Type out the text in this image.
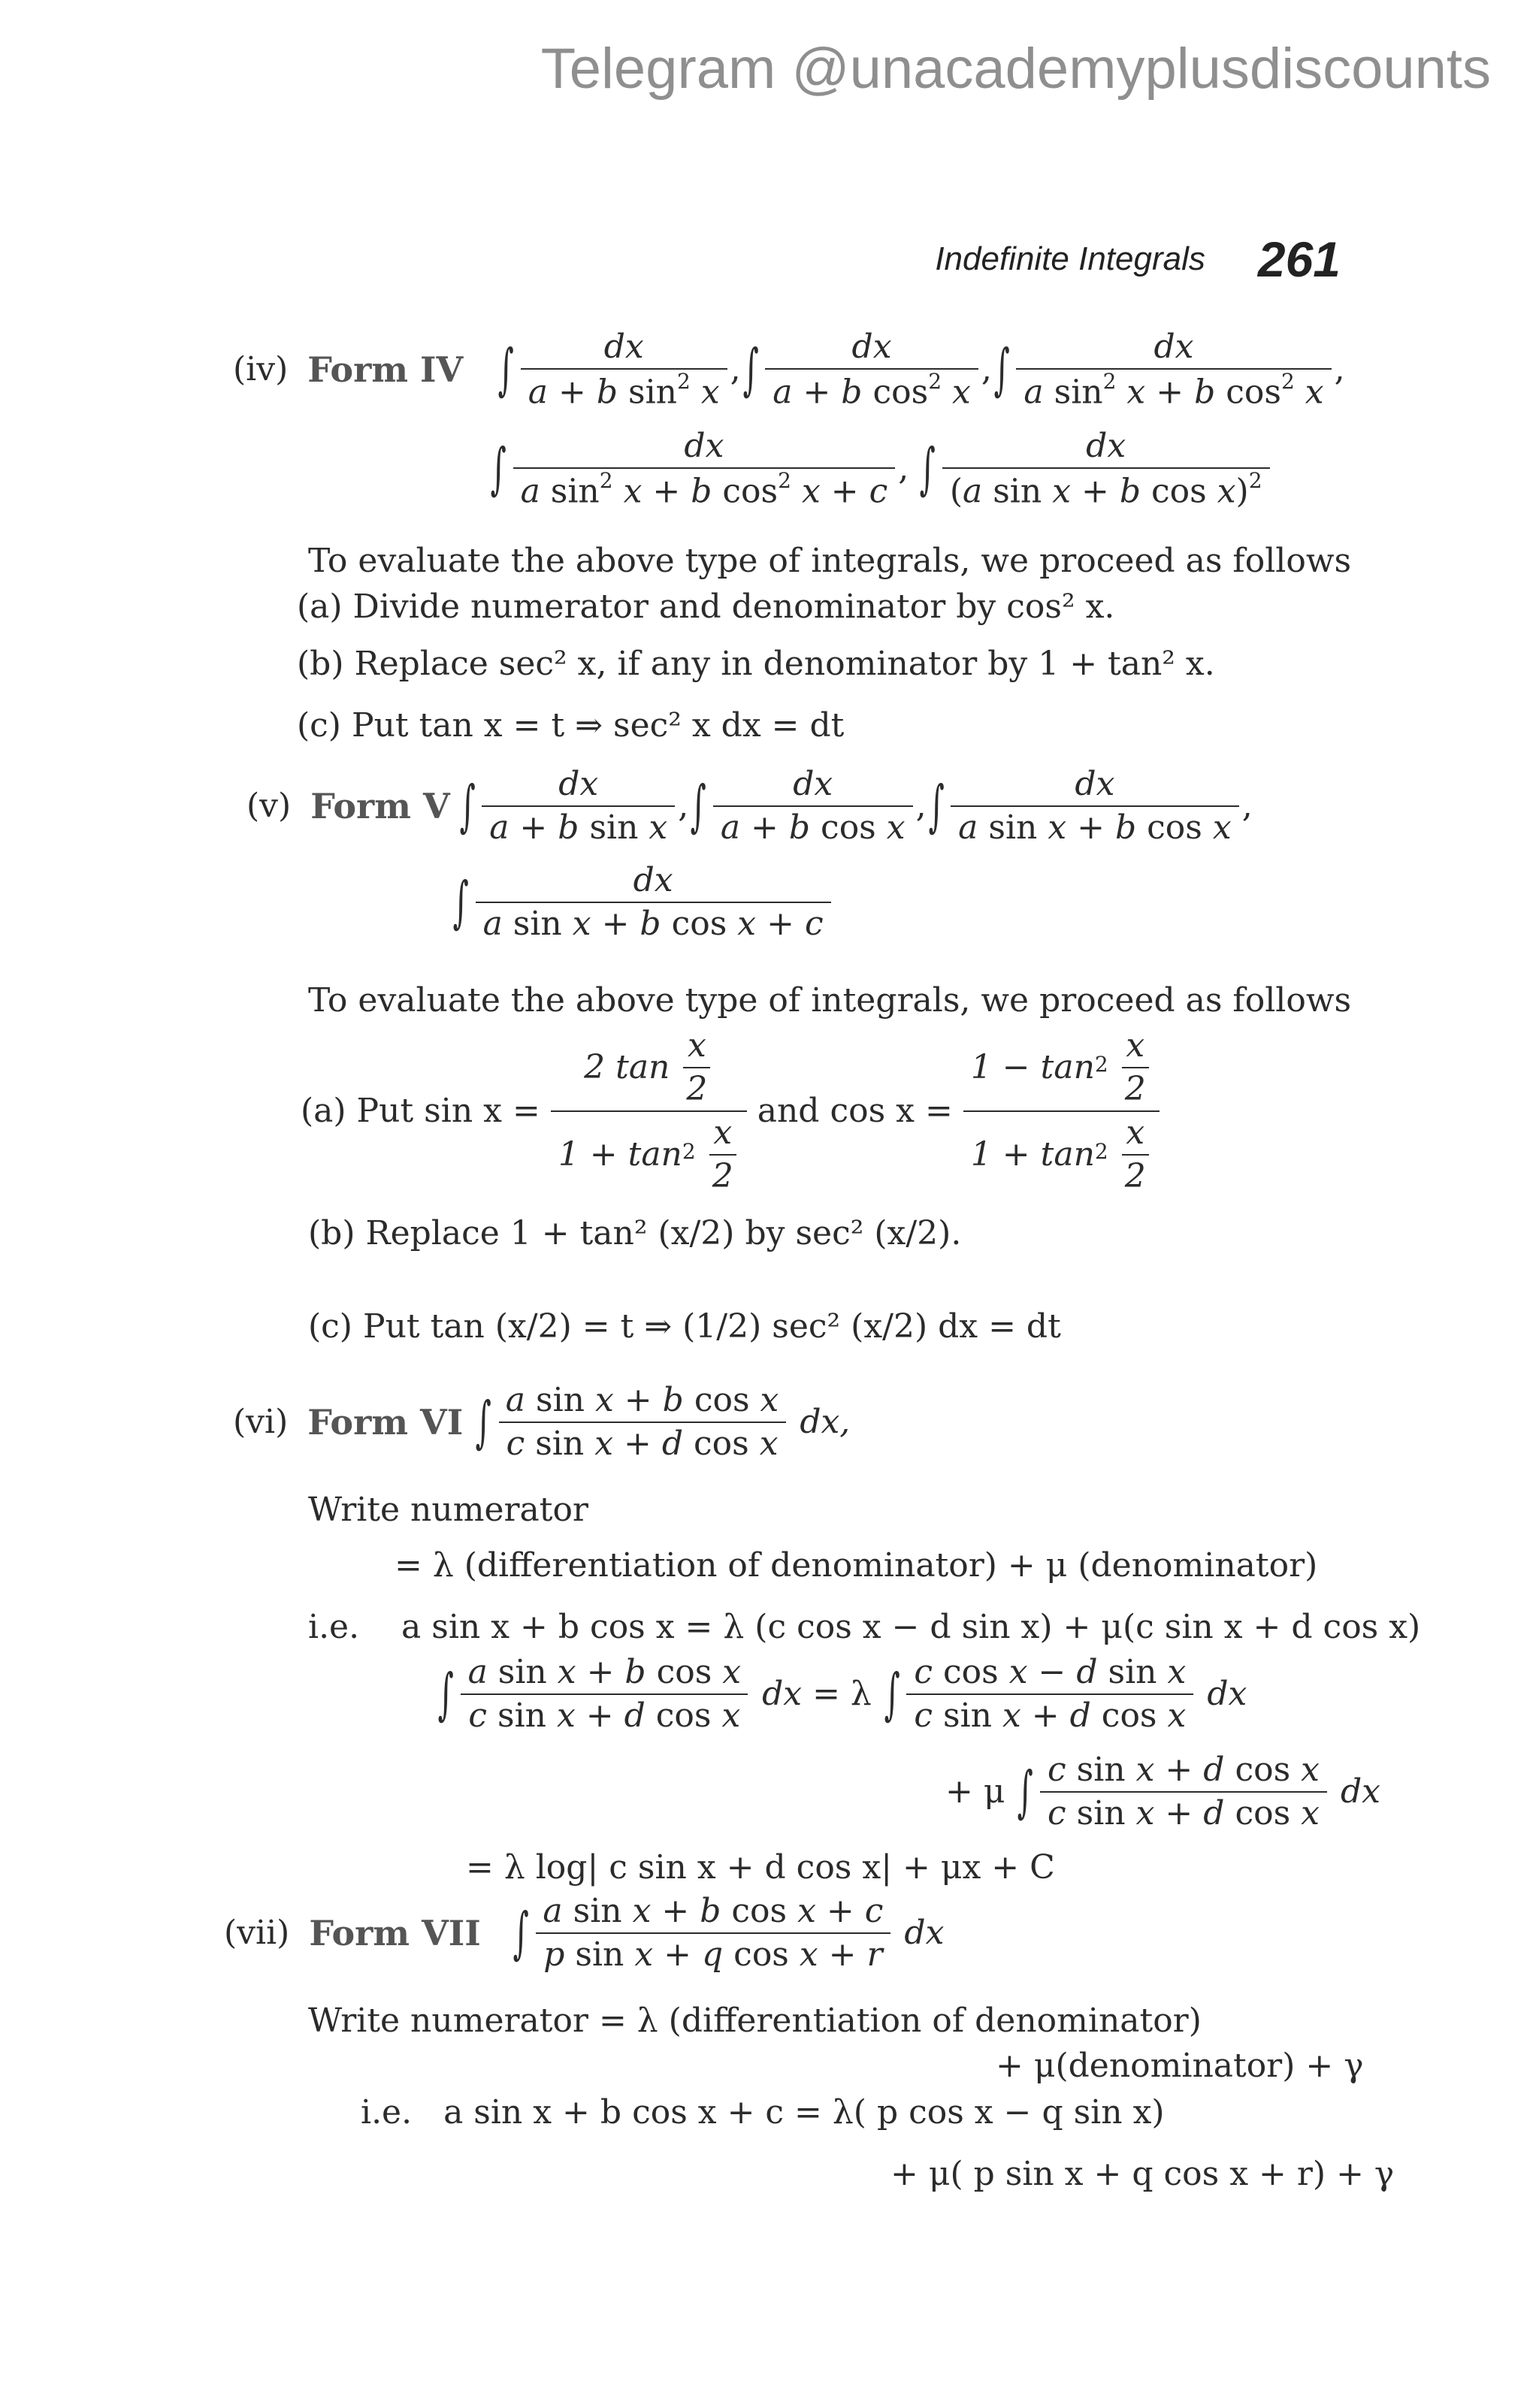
Telegram @unacademyplusdiscounts
Indefinite Integrals 261
(iv) Form IV ∫ $\frac{dx}{a + b \sin^2 x}$ , ∫ $\frac{dx}{a + b \cos^2 x}$ , ∫ $\frac{dx}{a \sin^2 x + b \cos^2 x}$ ,
∫ $\frac{dx}{a \sin^2 x + b \cos^2 x + c}$ , ∫ $\frac{dx}{(a \sin x + b \cos x)^2}$
To evaluate the above type of integrals, we proceed as follows
(a) Divide numerator and denominator by cos² x.
(b) Replace sec² x, if any in denominator by 1 + tan² x.
(c) Put tan x = t ⇒ sec² x dx = dt
(v) Form V ∫ $\frac{dx}{\text{a + b sin x}}$ , ∫ $\frac{dx}{\text{a + b cos x}}$ , ∫ $\frac{dx}{\text{a sin x + b cos x}}$ ,
∫ $\frac{dx}{\text{a sin x + b cos x + c}}$
To evaluate the above type of integrals, we proceed as follows
(a) Put sin x = 2 $\tan \frac{x}{2}$
$1 + \tan^2$
$\frac{x}{2}$ and $\cos x = 1 - \tan^2$
$\frac{x}{2}$
$1 + \tan^2$
$\frac{x}{2}$
(b) Replace 1 + tan² (x/2) by sec² (x/2).
(c) Put tan (x/2) = t ⇒ (1/2) sec² (x/2) dx = dt
(vi) Form VI ∫ $\frac{\text{a sin x + b cos x}}{\text{c sin x + d cos x}}$ dx,
Write numerator
= λ (differentiation of denominator) + μ (denominator)
i.e. a sin x + b cos x = λ (c cos x − d sin x) + μ(c sin x + d cos x)
∫ $\frac{\text{a sin x + b cos x}}{\text{c sin x + d cos x}}$ dx = λ ∫ $\frac{\text{c cos x − d sin x}}{\text{c sin x + d cos x}}$ dx
+ μ ∫ $\frac{\text{c sin x + d cos x}}{\text{c sin x + d cos x}}$ dx
= λ log| c sin x + d cos x| + μx + C
(vii) Form VII ∫ $\frac{\text{a sin x + b cos x + c}}{\text{p sin x + q cos x + r}}$ dx
Write numerator = λ (differentiation of denominator)
+ μ(denominator) + γ
i.e. a sin x + b cos x + c = λ( p cos x − q sin x)
+ μ( p sin x + q cos x + r) + γ
